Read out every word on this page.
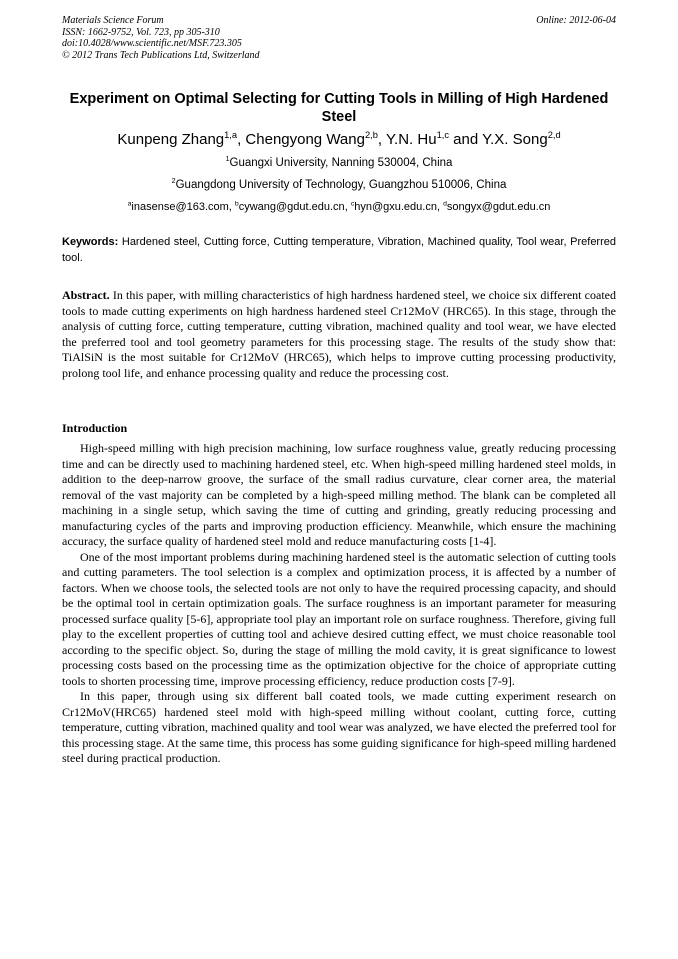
Materials Science Forum
ISSN: 1662-9752, Vol. 723, pp 305-310
doi:10.4028/www.scientific.net/MSF.723.305
© 2012 Trans Tech Publications Ltd, Switzerland
Online: 2012-06-04
Experiment on Optimal Selecting for Cutting Tools in Milling of High Hardened Steel
Kunpeng Zhang$^{1,a}$, Chengyong Wang$^{2,b}$, Y.N. Hu$^{1,c}$ and Y.X. Song$^{2,d}$
$^1$Guangxi University, Nanning 530004, China
$^2$Guangdong University of Technology, Guangzhou 510006, China
$^a$inasense@163.com, $^b$cywang@gdut.edu.cn, $^c$hyn@gxu.edu.cn, $^d$songyx@gdut.edu.cn
Keywords: Hardened steel, Cutting force, Cutting temperature, Vibration, Machined quality, Tool wear, Preferred tool.
Abstract. In this paper, with milling characteristics of high hardness hardened steel, we choice six different coated tools to made cutting experiments on high hardness hardened steel Cr12MoV (HRC65). In this stage, through the analysis of cutting force, cutting temperature, cutting vibration, machined quality and tool wear, we have elected the preferred tool and tool geometry parameters for this processing stage. The results of the study show that: TiAlSiN is the most suitable for Cr12MoV (HRC65), which helps to improve cutting processing productivity, prolong tool life, and enhance processing quality and reduce the processing cost.
Introduction

High-speed milling with high precision machining, low surface roughness value, greatly reducing processing time and can be directly used to machining hardened steel, etc. When high-speed milling hardened steel molds, in addition to the deep-narrow groove, the surface of the small radius curvature, clear corner area, the material removal of the vast majority can be completed by a high-speed milling method. The blank can be completed all machining in a single setup, which saving the time of cutting and grinding, greatly reducing processing and manufacturing cycles of the parts and improving production efficiency. Meanwhile, which ensure the machining accuracy, the surface quality of hardened steel mold and reduce manufacturing costs [1-4].

One of the most important problems during machining hardened steel is the automatic selection of cutting tools and cutting parameters. The tool selection is a complex and optimization process, it is affected by a number of factors. When we choose tools, the selected tools are not only to have the required processing capacity, and should be the optimal tool in certain optimization goals. The surface roughness is an important parameter for measuring processed surface quality [5-6], appropriate tool play an important role on surface roughness. Therefore, giving full play to the excellent properties of cutting tool and achieve desired cutting effect, we must choice reasonable tool according to the specific object. So, during the stage of milling the mold cavity, it is great significance to lowest processing costs based on the processing time as the optimization objective for the choice of appropriate cutting tools to shorten processing time, improve processing efficiency, reduce production costs [7-9].

In this paper, through using six different ball coated tools, we made cutting experiment research on Cr12MoV(HRC65) hardened steel mold with high-speed milling without coolant, cutting force, cutting temperature, cutting vibration, machined quality and tool wear was analyzed, we have elected the preferred tool for this processing stage. At the same time, this process has some guiding significance for high-speed milling hardened steel during practical production.
